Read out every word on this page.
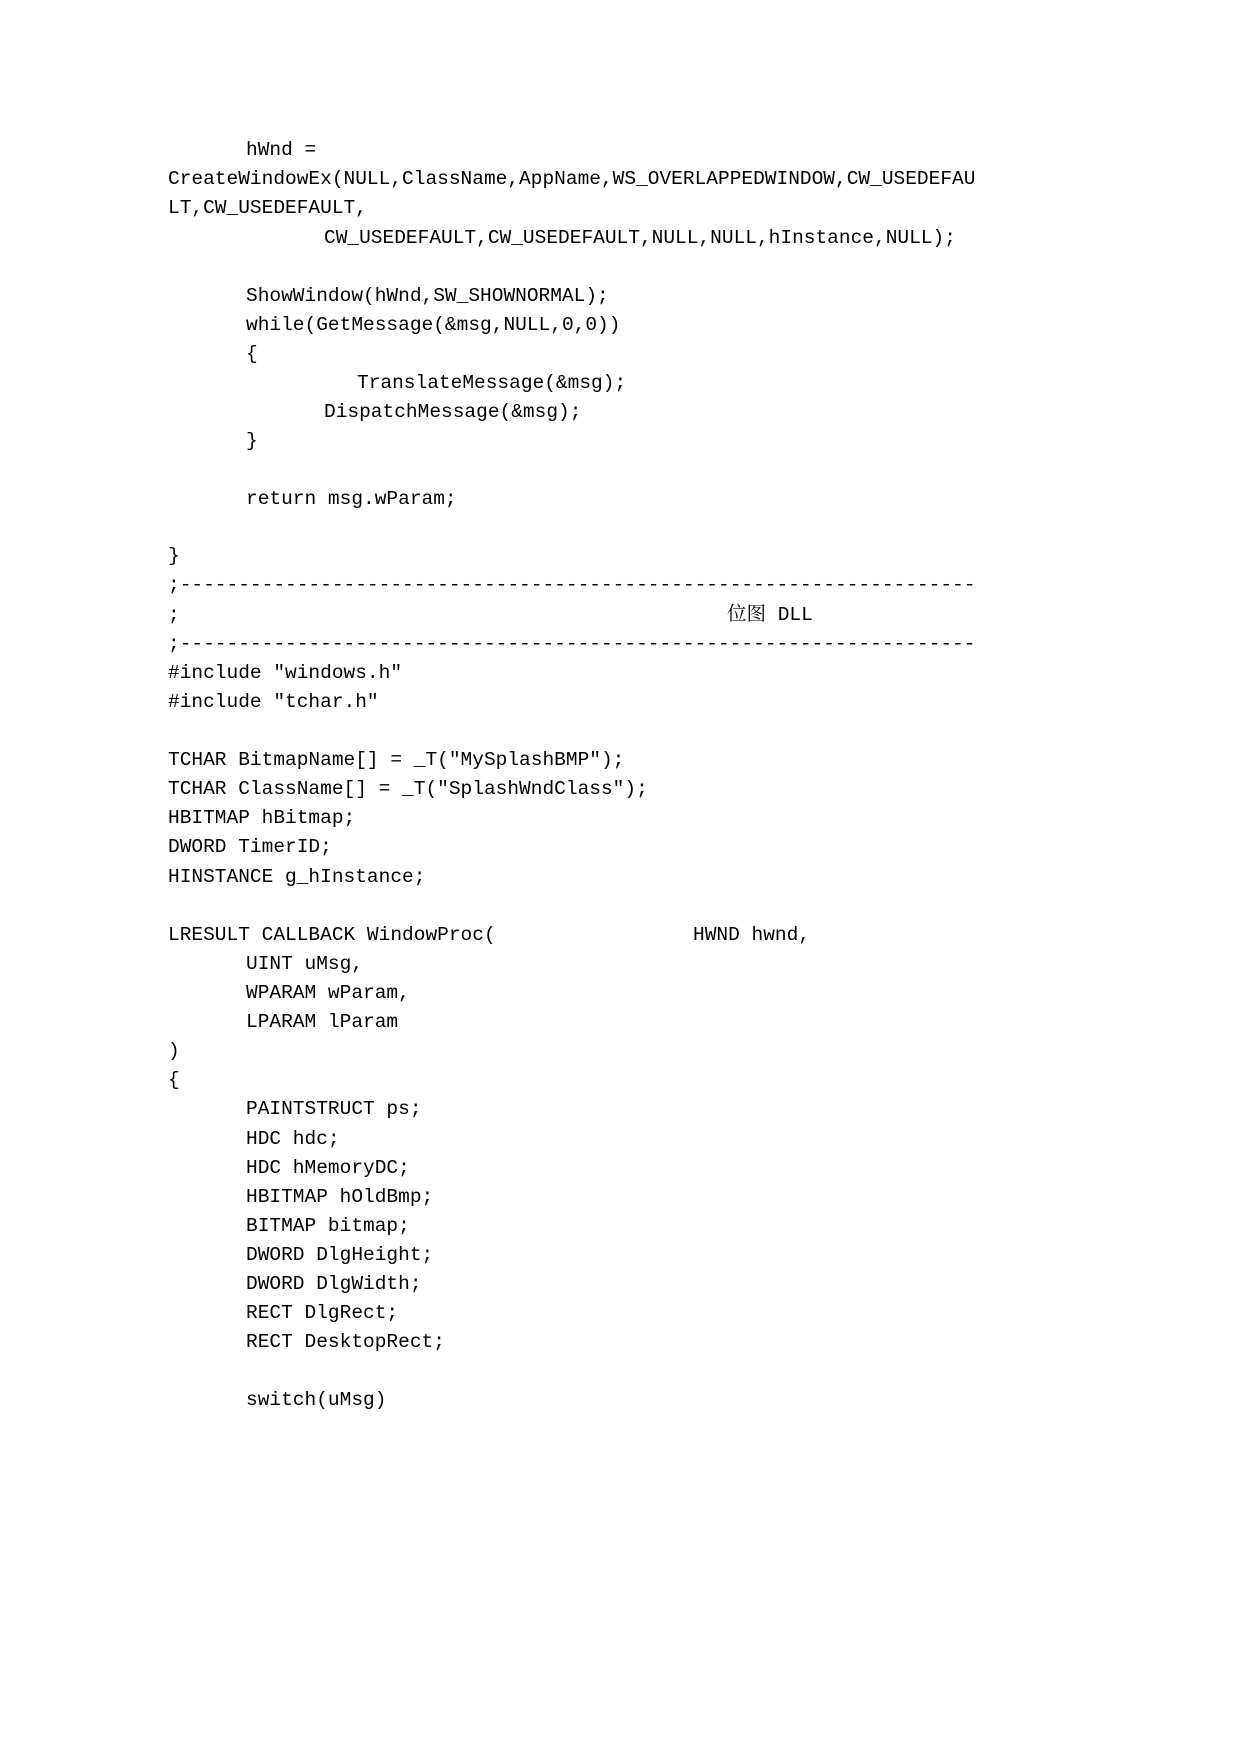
hWnd =
CreateWindowEx(NULL,ClassName,AppName,WS_OVERLAPPEDWINDOW,CW_USEDEFAU
LT,CW_USEDEFAULT,
CW_USEDEFAULT,CW_USEDEFAULT,NULL,NULL,hInstance,NULL);
ShowWindow(hWnd,SW_SHOWNORMAL);
while(GetMessage(&msg,NULL,0,0))
{
TranslateMessage(&msg);
DispatchMessage(&msg);
}
return msg.wParam;
}
;--------------------------------------------------------------------
;	位图 DLL
;--------------------------------------------------------------------
#include "windows.h"
#include "tchar.h"
TCHAR BitmapName[] = _T("MySplashBMP");
TCHAR ClassName[] = _T("SplashWndClass");
HBITMAP hBitmap;
DWORD TimerID;
HINSTANCE g_hInstance;
LRESULT CALLBACK WindowProc(	HWND hwnd,
UINT uMsg,
WPARAM wParam,
LPARAM lParam
)
{
PAINTSTRUCT ps;
HDC hdc;
HDC hMemoryDC;
HBITMAP hOldBmp;
BITMAP bitmap;
DWORD DlgHeight;
DWORD DlgWidth;
RECT DlgRect;
RECT DesktopRect;
switch(uMsg)
